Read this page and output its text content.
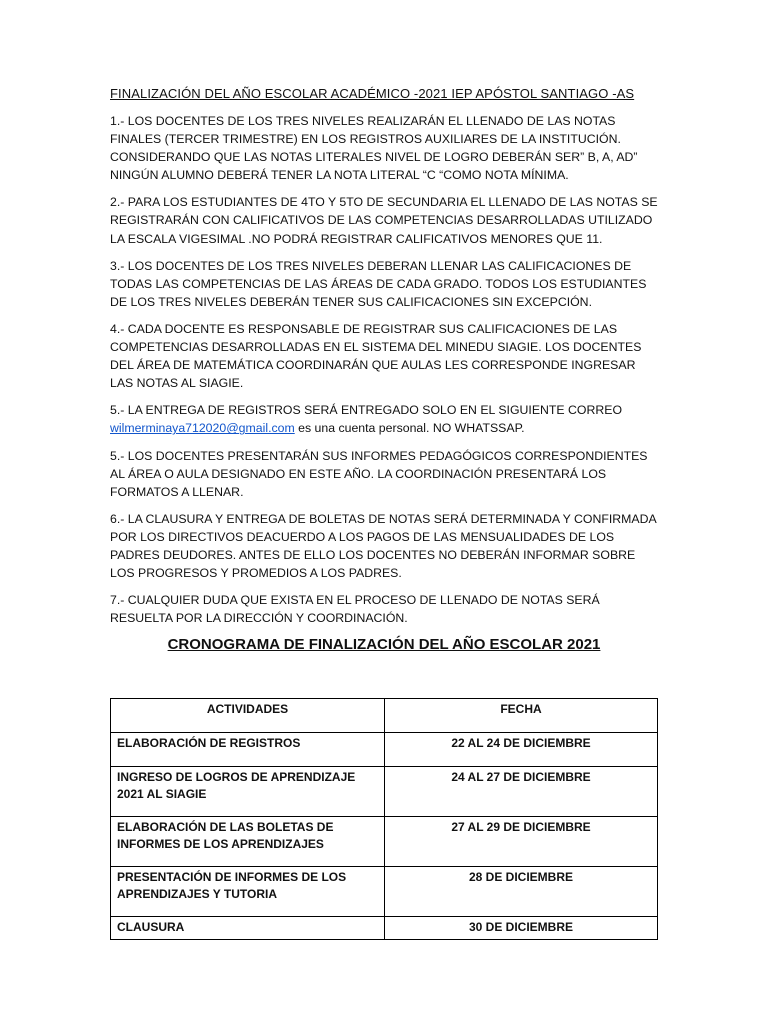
FINALIZACIÓN DEL AÑO ESCOLAR ACADÉMICO -2021 IEP APÓSTOL SANTIAGO -AS

1.- LOS DOCENTES DE LOS TRES NIVELES REALIZARÁN EL LLENADO DE LAS NOTAS FINALES (TERCER TRIMESTRE) EN LOS REGISTROS AUXILIARES DE LA INSTITUCIÓN. CONSIDERANDO QUE LAS NOTAS LITERALES NIVEL DE LOGRO DEBERÁN SER” B, A, AD” NINGÚN ALUMNO DEBERÁ TENER LA NOTA LITERAL “C “COMO NOTA MÍNIMA.

2.- PARA LOS ESTUDIANTES DE 4TO Y 5TO DE SECUNDARIA EL LLENADO DE LAS NOTAS SE REGISTRARÁN CON CALIFICATIVOS DE LAS COMPETENCIAS DESARROLLADAS UTILIZADO LA ESCALA VIGESIMAL .NO PODRÁ REGISTRAR CALIFICATIVOS MENORES QUE 11.

3.- LOS DOCENTES DE LOS TRES NIVELES DEBERAN LLENAR LAS CALIFICACIONES DE TODAS LAS COMPETENCIAS DE LAS ÁREAS DE CADA GRADO. TODOS LOS ESTUDIANTES DE LOS TRES NIVELES DEBERÁN TENER SUS CALIFICACIONES SIN EXCEPCIÓN.

4.- CADA DOCENTE ES RESPONSABLE DE REGISTRAR SUS CALIFICACIONES DE LAS COMPETENCIAS DESARROLLADAS EN EL SISTEMA DEL MINEDU SIAGIE. LOS DOCENTES DEL ÁREA DE MATEMÁTICA COORDINARÁN QUE AULAS LES CORRESPONDE INGRESAR LAS NOTAS AL SIAGIE.

5.- LA ENTREGA DE REGISTROS SERÁ ENTREGADO SOLO EN EL SIGUIENTE CORREO
wilmerminaya712020@gmail.com es una cuenta personal. NO WHATSSAP.

5.- LOS DOCENTES PRESENTARÁN SUS INFORMES PEDAGÓGICOS CORRESPONDIENTES AL ÁREA O AULA DESIGNADO EN ESTE AÑO. LA COORDINACIÓN PRESENTARÁ LOS FORMATOS A LLENAR.

6.- LA CLAUSURA Y ENTREGA DE BOLETAS DE NOTAS SERÁ DETERMINADA Y CONFIRMADA POR LOS DIRECTIVOS DEACUERDO A LOS PAGOS DE LAS MENSUALIDADES DE LOS PADRES DEUDORES. ANTES DE ELLO LOS DOCENTES NO DEBERÁN INFORMAR SOBRE LOS PROGRESOS Y PROMEDIOS A LOS PADRES.

7.- CUALQUIER DUDA QUE EXISTA EN EL PROCESO DE LLENADO DE NOTAS SERÁ RESUELTA POR LA DIRECCIÓN Y COORDINACIÓN.

CRONOGRAMA DE FINALIZACIÓN DEL AÑO ESCOLAR 2021
ACTIVIDADES	FECHA
ELABORACIÓN DE REGISTROS	22 AL 24 DE DICIEMBRE
INGRESO DE LOGROS DE APRENDIZAJE 2021 AL SIAGIE	24 AL 27 DE DICIEMBRE
ELABORACIÓN DE LAS BOLETAS DE INFORMES DE LOS APRENDIZAJES	27 AL 29 DE DICIEMBRE
PRESENTACIÓN DE INFORMES DE LOS APRENDIZAJES Y TUTORIA	28 DE DICIEMBRE
CLAUSURA	30 DE DICIEMBRE
